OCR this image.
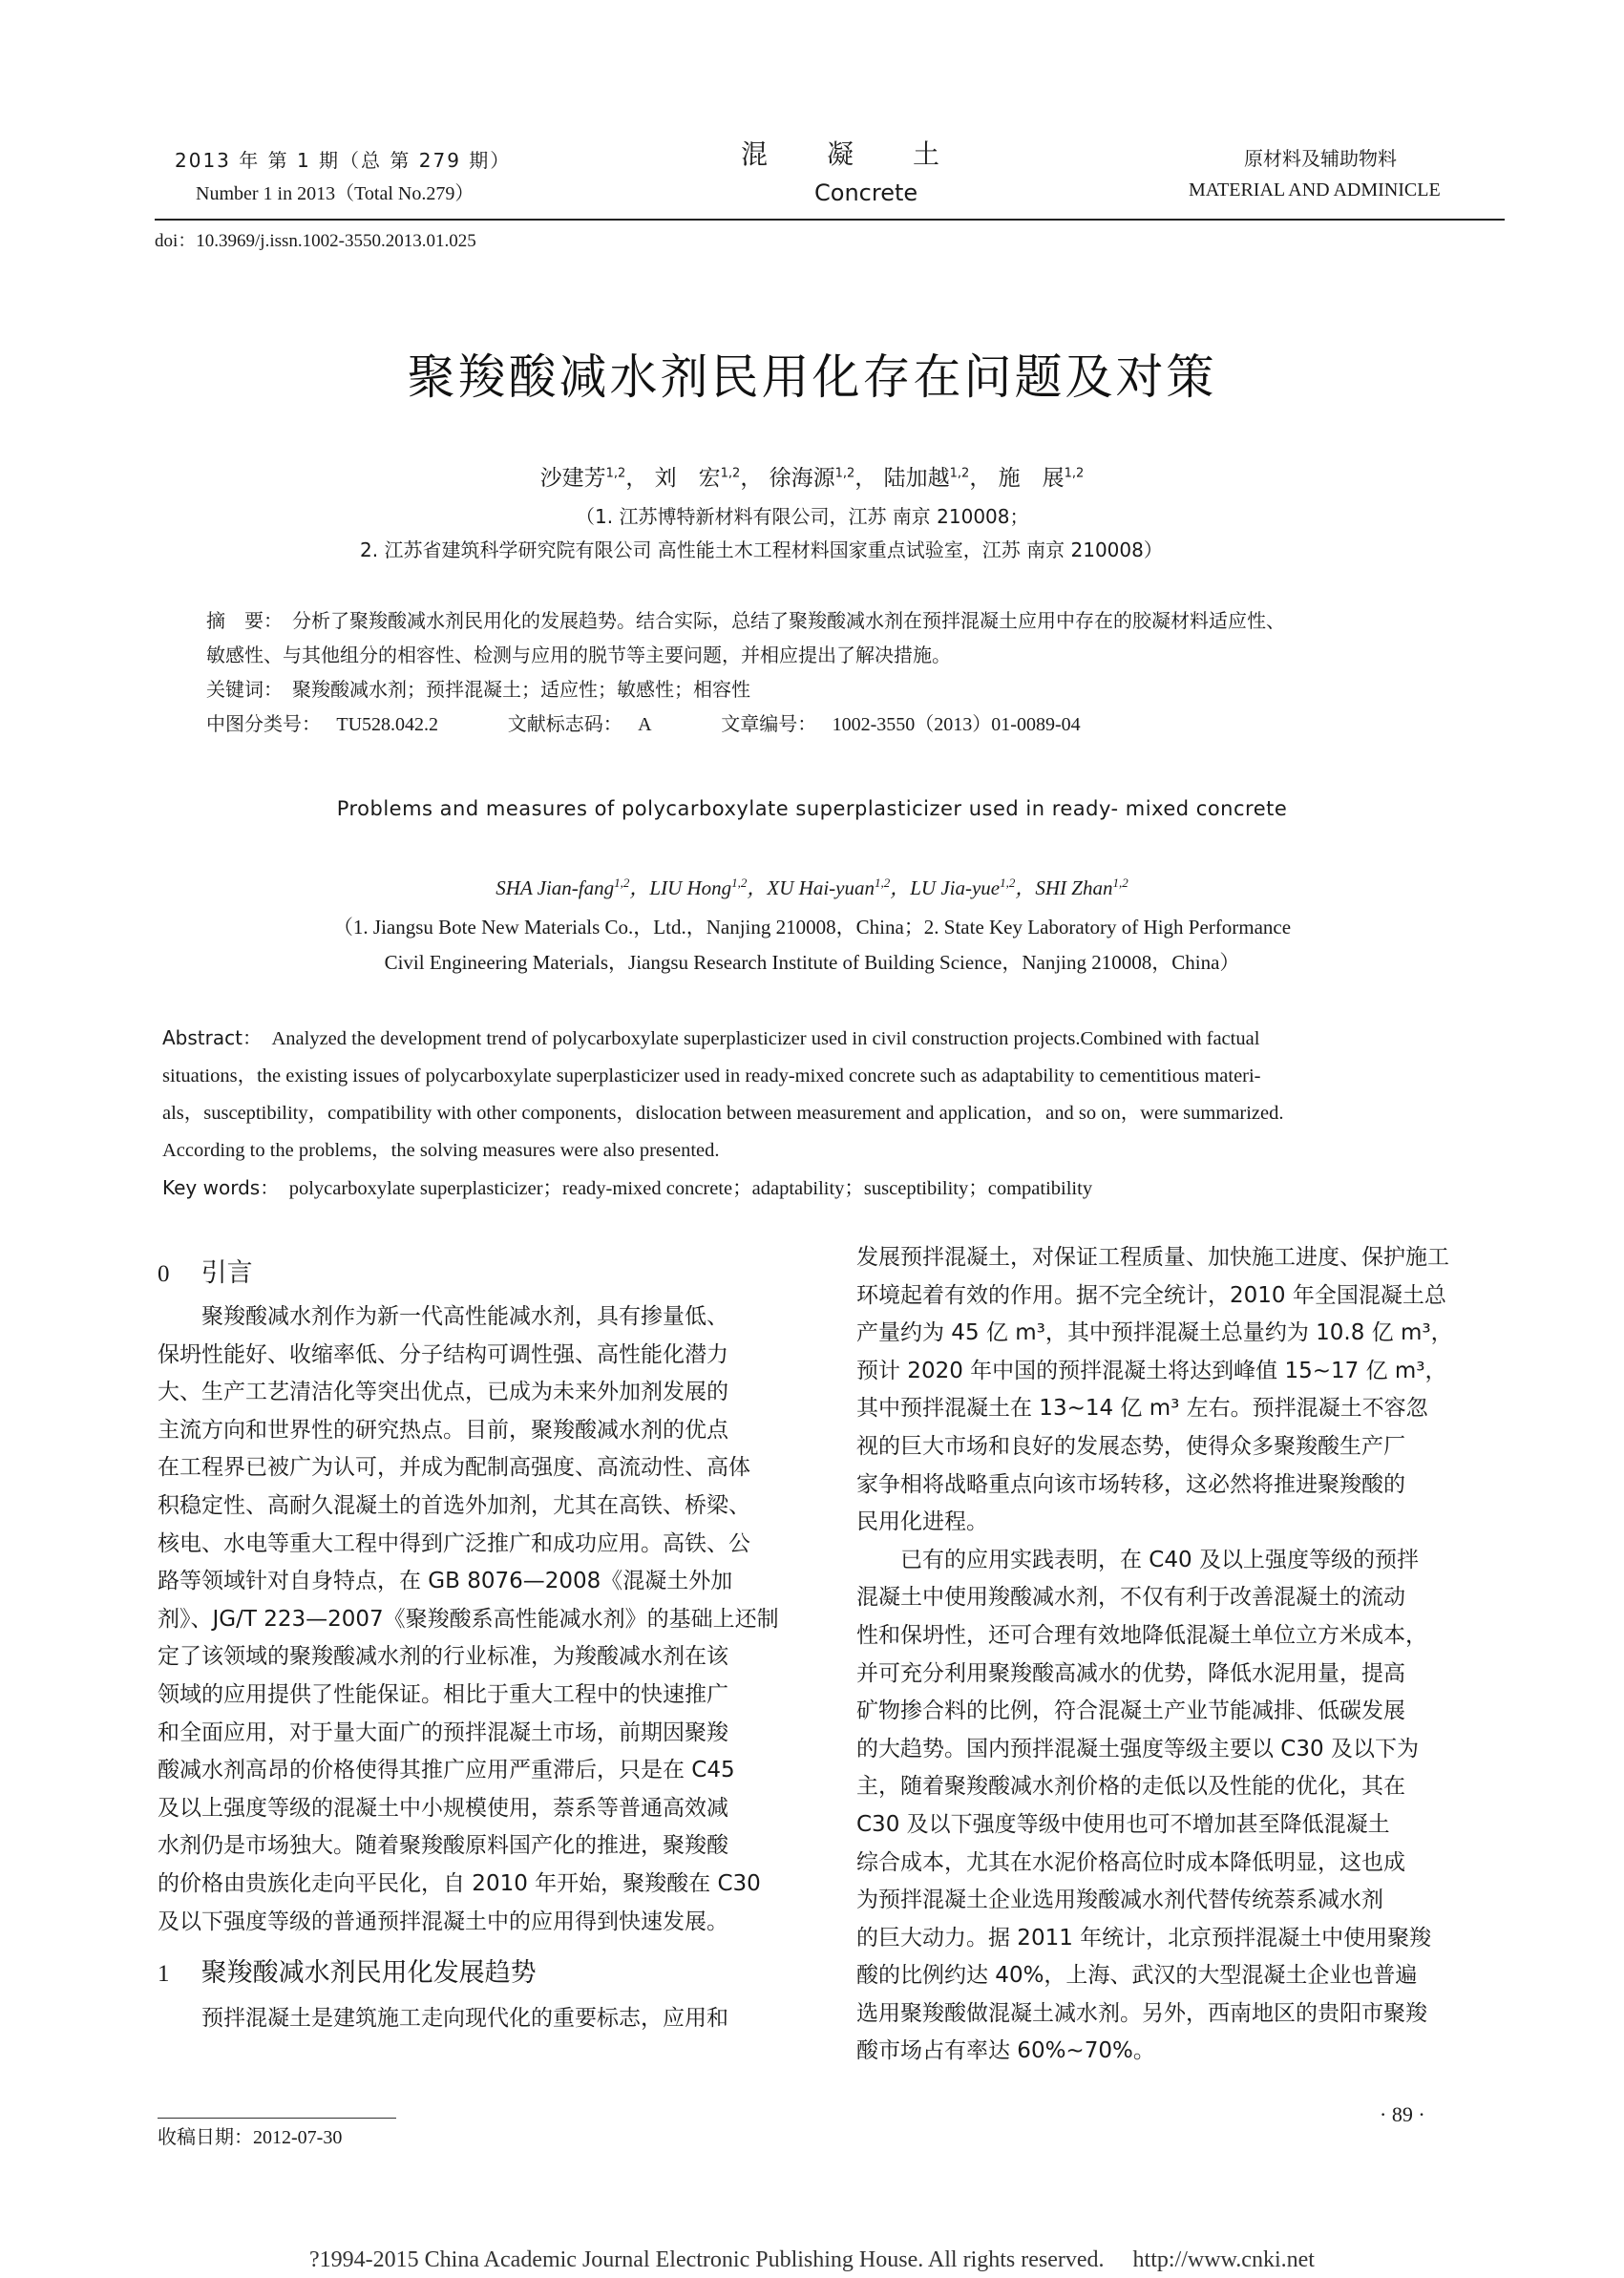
2013 年 第 1 期（总 第 279 期）
Number 1 in 2013（Total No.279）
混　　凝　　土
Concrete
原材料及辅助物料
MATERIAL AND ADMINICLE
doi：10.3969/j.issn.1002-3550.2013.01.025
聚羧酸减水剂民用化存在问题及对策
沙建芳$^{1,2}$， 刘　宏$^{1,2}$， 徐海源$^{1,2}$， 陆加越$^{1,2}$， 施　展$^{1,2}$
（1. 江苏博特新材料有限公司，江苏 南京 210008；
2. 江苏省建筑科学研究院有限公司 高性能土木工程材料国家重点试验室，江苏 南京 210008）
摘　要：　 分析了聚羧酸减水剂民用化的发展趋势。结合实际，总结了聚羧酸减水剂在预拌混凝土应用中存在的胶凝材料适应性、
敏感性、与其他组分的相容性、检测与应用的脱节等主要问题，并相应提出了解决措施。
关键词：　 聚羧酸减水剂；预拌混凝土；适应性；敏感性；相容性
中图分类号：　 TU528.042.2	文献标志码：　 A	文章编号：　 1002-3550（2013）01-0089-04
Problems and measures of polycarboxylate superplasticizer used in ready- mixed concrete
SHA Jian-fang$^{1,2}$，LIU Hong$^{1,2}$，XU Hai-yuan$^{1,2}$，LU Jia-yue$^{1,2}$，SHI Zhan$^{1,2}$
（1. Jiangsu Bote New Materials Co.，Ltd.，Nanjing 210008，China；2. State Key Laboratory of High Performance
Civil Engineering Materials，Jiangsu Research Institute of Building Science，Nanjing 210008，China）
Abstract：　 Analyzed the development trend of polycarboxylate superplasticizer used in civil construction projects.Combined with factual
situations，the existing issues of polycarboxylate superplasticizer used in ready-mixed concrete such as adaptability to cementitious materi-
als，susceptibility，compatibility with other components，dislocation between measurement and application，and so on，were summarized.
According to the problems，the solving measures were also presented.
Key words：　 polycarboxylate superplasticizer；ready-mixed concrete；adaptability；susceptibility；compatibility
0 引言
聚羧酸减水剂作为新一代高性能减水剂，具有掺量低、
保坍性能好、收缩率低、分子结构可调性强、高性能化潜力
大、生产工艺清洁化等突出优点，已成为未来外加剂发展的
主流方向和世界性的研究热点。目前，聚羧酸减水剂的优点
在工程界已被广为认可，并成为配制高强度、高流动性、高体
积稳定性、高耐久混凝土的首选外加剂，尤其在高铁、桥梁、
核电、水电等重大工程中得到广泛推广和成功应用。高铁、公
路等领域针对自身特点，在 GB 8076—2008《混凝土外加
剂》、JG/T 223—2007《聚羧酸系高性能减水剂》的基础上还制
定了该领域的聚羧酸减水剂的行业标准，为羧酸减水剂在该
领域的应用提供了性能保证。相比于重大工程中的快速推广
和全面应用，对于量大面广的预拌混凝土市场，前期因聚羧
酸减水剂高昂的价格使得其推广应用严重滞后，只是在 C45
及以上强度等级的混凝土中小规模使用，萘系等普通高效减
水剂仍是市场独大。随着聚羧酸原料国产化的推进，聚羧酸
的价格由贵族化走向平民化，自 2010 年开始，聚羧酸在 C30
及以下强度等级的普通预拌混凝土中的应用得到快速发展。
1 聚羧酸减水剂民用化发展趋势
预拌混凝土是建筑施工走向现代化的重要标志，应用和
收稿日期：2012-07-30
发展预拌混凝土，对保证工程质量、加快施工进度、保护施工
环境起着有效的作用。据不完全统计，2010 年全国混凝土总
产量约为 45 亿 m³，其中预拌混凝土总量约为 10.8 亿 m³，
预计 2020 年中国的预拌混凝土将达到峰值 15~17 亿 m³，
其中预拌混凝土在 13~14 亿 m³ 左右。预拌混凝土不容忽
视的巨大市场和良好的发展态势，使得众多聚羧酸生产厂
家争相将战略重点向该市场转移，这必然将推进聚羧酸的
民用化进程。
已有的应用实践表明，在 C40 及以上强度等级的预拌
混凝土中使用羧酸减水剂，不仅有利于改善混凝土的流动
性和保坍性，还可合理有效地降低混凝土单位立方米成本，
并可充分利用聚羧酸高减水的优势，降低水泥用量，提高
矿物掺合料的比例，符合混凝土产业节能减排、低碳发展
的大趋势。国内预拌混凝土强度等级主要以 C30 及以下为
主，随着聚羧酸减水剂价格的走低以及性能的优化，其在
C30 及以下强度等级中使用也可不增加甚至降低混凝土
综合成本，尤其在水泥价格高位时成本降低明显，这也成
为预拌混凝土企业选用羧酸减水剂代替传统萘系减水剂
的巨大动力。据 2011 年统计，北京预拌混凝土中使用聚羧
酸的比例约达 40%，上海、武汉的大型混凝土企业也普遍
选用聚羧酸做混凝土减水剂。另外，西南地区的贵阳市聚羧
酸市场占有率达 60%~70%。
· 89 ·
?1994-2015 China Academic Journal Electronic Publishing House. All rights reserved.　 http://www.cnki.net
